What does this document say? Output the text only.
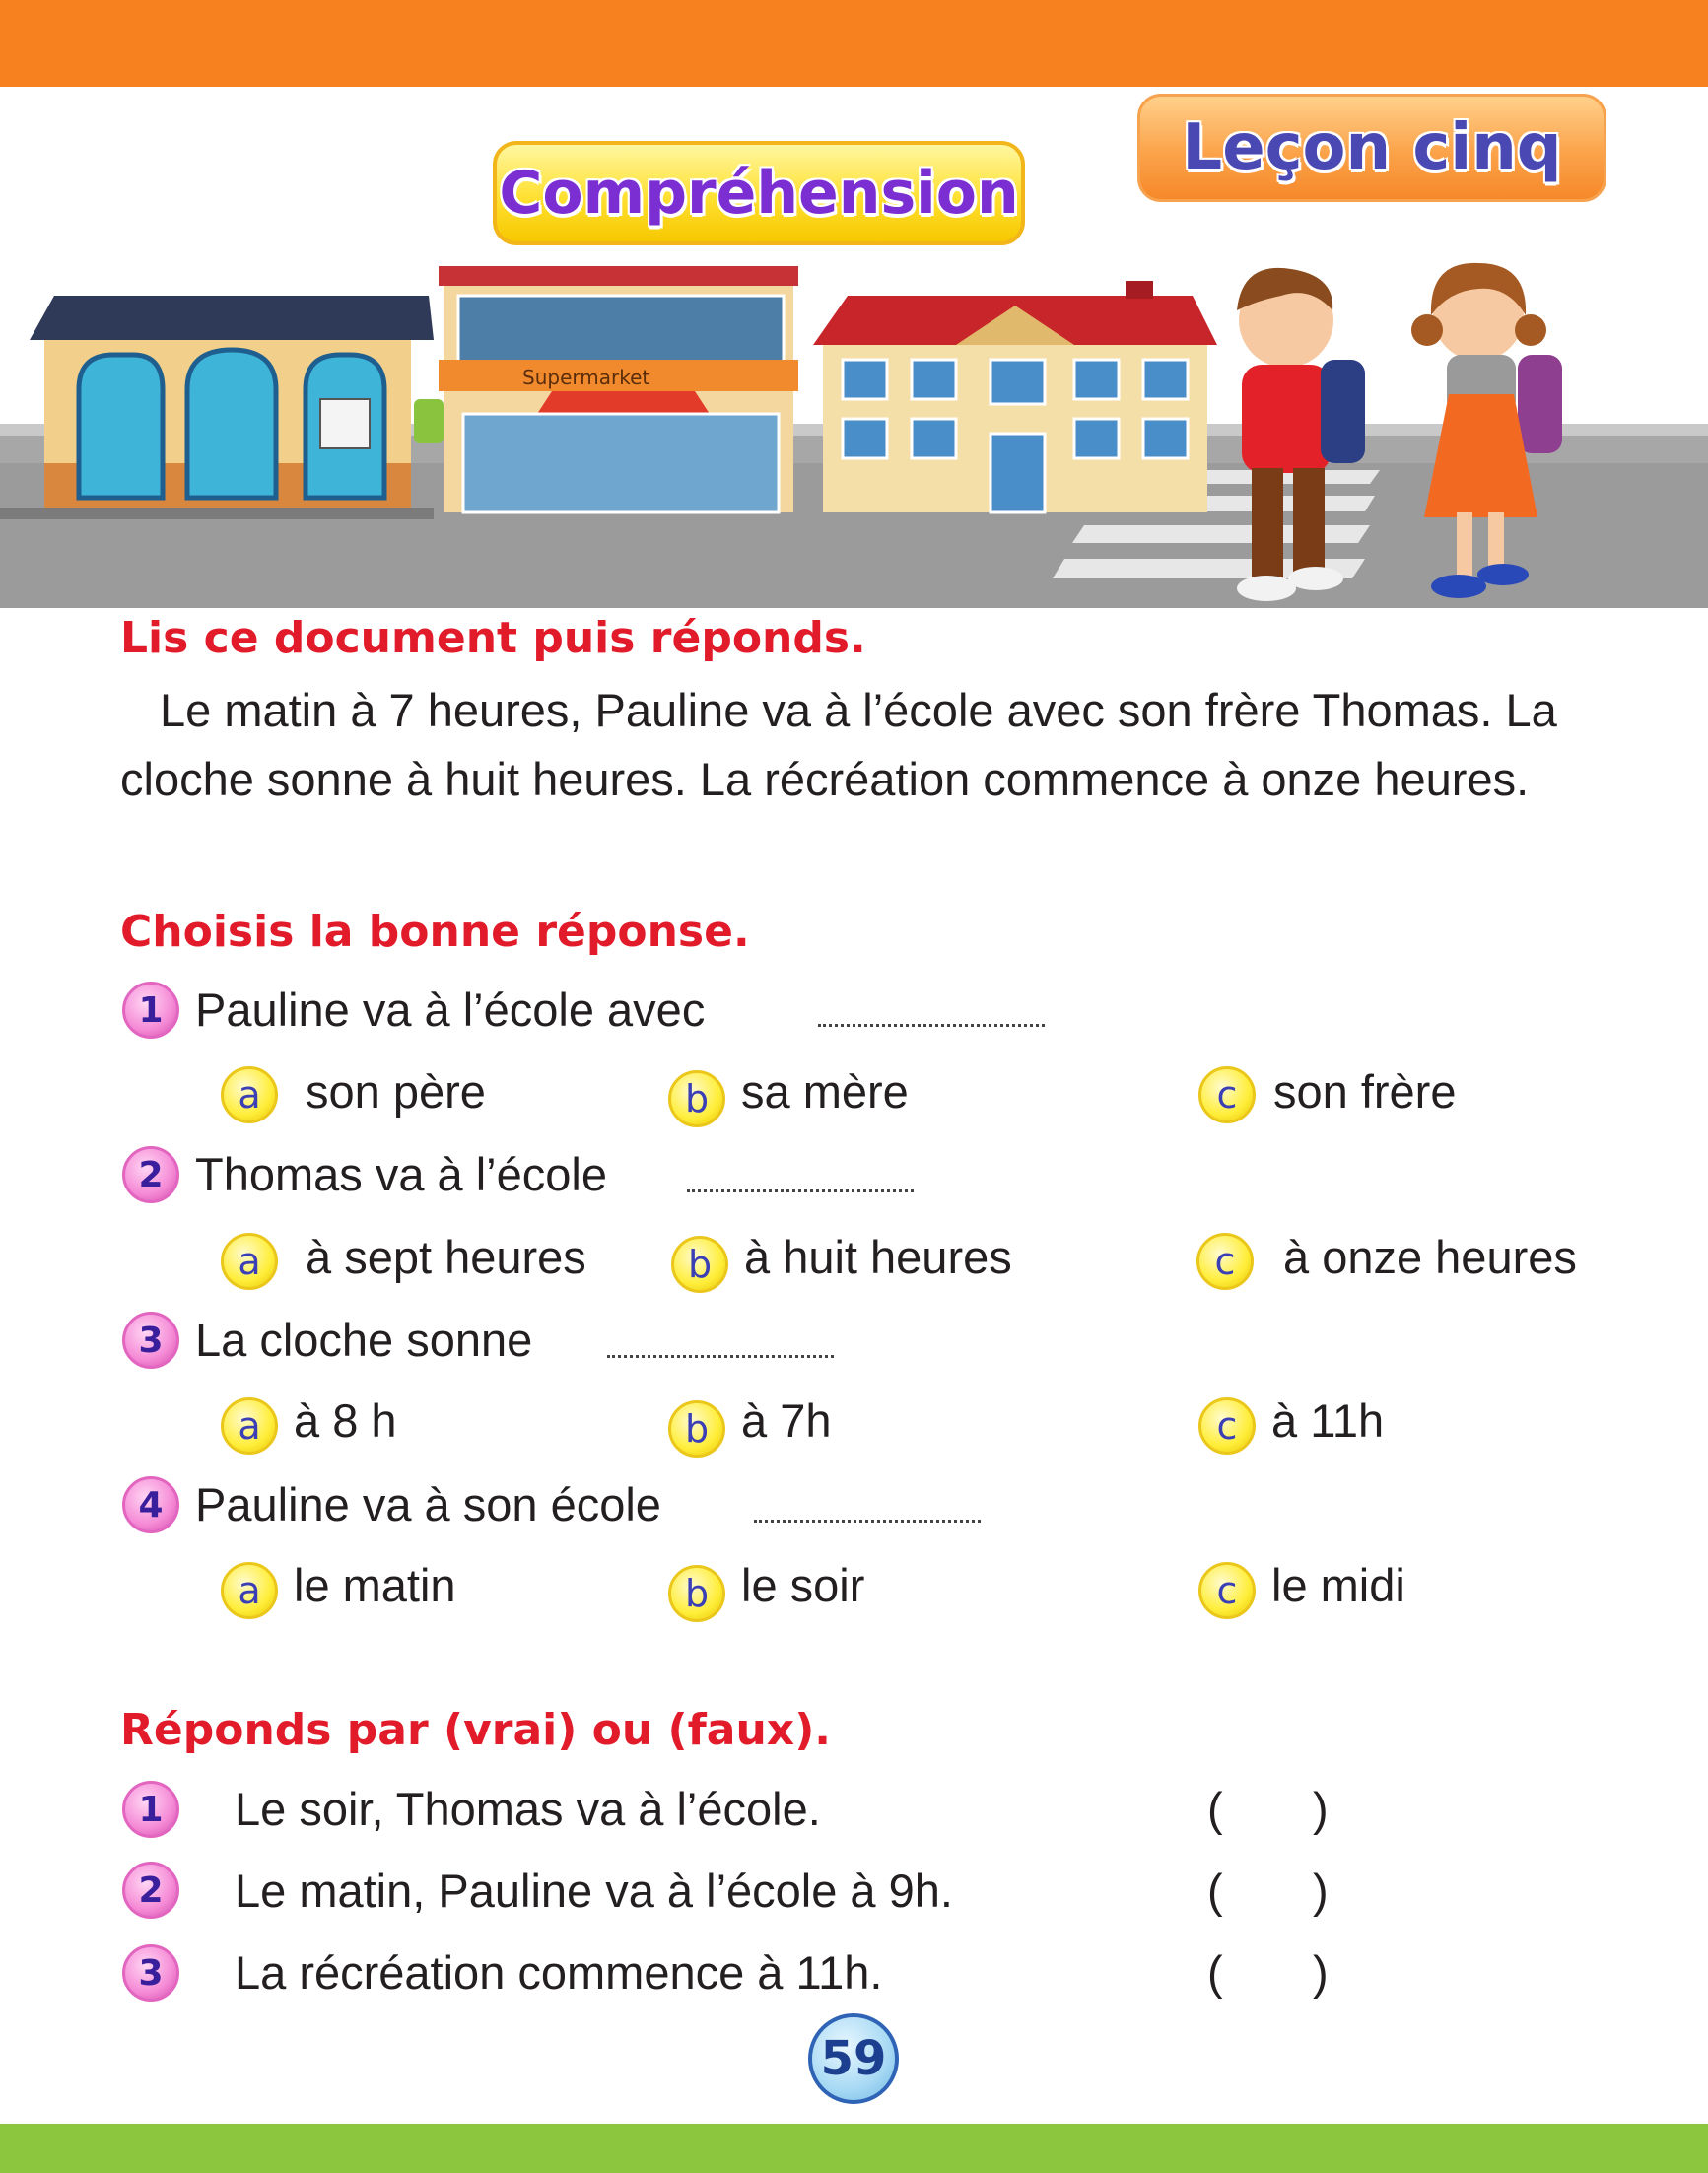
Leçon cinq
Compréhension
Supermarket
Lis ce document puis réponds.

Le matin à 7 heures, Pauline va à l’école avec son frère Thomas. La cloche sonne à huit heures. La récréation commence à onze heures.

Choisis la bonne réponse.
1 Pauline va à l’école avec
a son père	b sa mère	c son frère
2 Thomas va à l’école
a à sept heures	b à huit heures	c	à onze heures
3 La cloche sonne
a à 8 h	b à 7h	c à 11h
4 Pauline va à son école
a le matin	b le soir	c le midi
Réponds par (vrai) ou (faux).
1	Le soir, Thomas va à l’école.	(       )
2	Le matin, Pauline va à l’école à 9h.	(       )
3	La récréation commence à 11h.	(       )
59
